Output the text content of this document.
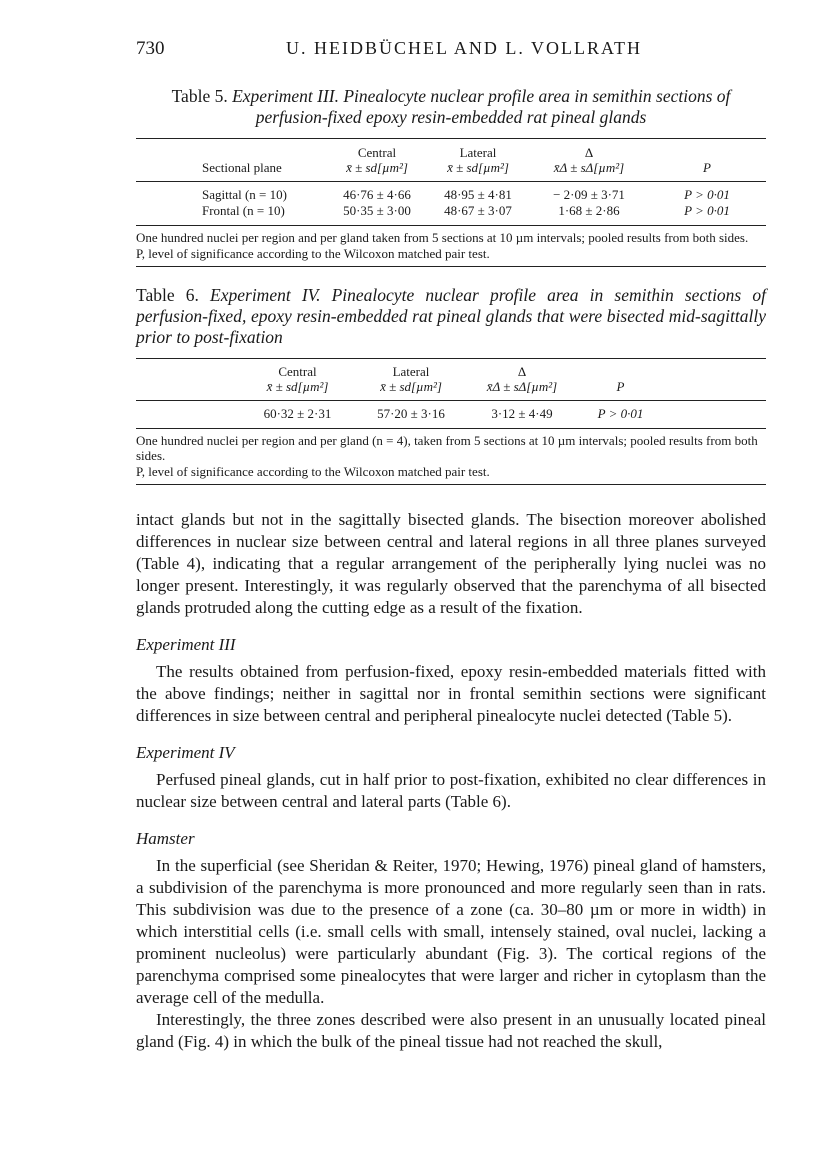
730	U. HEIDBÜCHEL AND L. VOLLRATH
Table 5. Experiment III. Pinealocyte nuclear profile area in semithin sections of perfusion-fixed epoxy resin-embedded rat pineal glands
	Central	Lateral	Δ	
Sectional plane	x̄ ± sd[µm²]	x̄ ± sd[µm²]	x̄Δ ± sΔ[µm²]	P
Sagittal (n = 10)	46·76 ± 4·66	48·95 ± 4·81	− 2·09 ± 3·71	P > 0·01
Frontal (n = 10)	50·35 ± 3·00	48·67 ± 3·07	1·68 ± 2·86	P > 0·01
One hundred nuclei per region and per gland taken from 5 sections at 10 µm intervals; pooled results from both sides.
P, level of significance according to the Wilcoxon matched pair test.
Table 6. Experiment IV. Pinealocyte nuclear profile area in semithin sections of perfusion-fixed, epoxy resin-embedded rat pineal glands that were bisected mid-sagittally prior to post-fixation
	Central	Lateral	Δ		
	x̄ ± sd[µm²]	x̄ ± sd[µm²]	x̄Δ ± sΔ[µm²]	P	
	60·32 ± 2·31	57·20 ± 3·16	3·12 ± 4·49	P > 0·01	
One hundred nuclei per region and per gland (n = 4), taken from 5 sections at 10 µm intervals; pooled results from both sides.
P, level of significance according to the Wilcoxon matched pair test.

intact glands but not in the sagittally bisected glands. The bisection moreover abolished differences in nuclear size between central and lateral regions in all three planes surveyed (Table 4), indicating that a regular arrangement of the peripherally lying nuclei was no longer present. Interestingly, it was regularly observed that the parenchyma of all bisected glands protruded along the cutting edge as a result of the fixation.

Experiment III

The results obtained from perfusion-fixed, epoxy resin-embedded materials fitted with the above findings; neither in sagittal nor in frontal semithin sections were significant differences in size between central and peripheral pinealocyte nuclei detected (Table 5).

Experiment IV

Perfused pineal glands, cut in half prior to post-fixation, exhibited no clear differences in nuclear size between central and lateral parts (Table 6).

Hamster

In the superficial (see Sheridan & Reiter, 1970; Hewing, 1976) pineal gland of hamsters, a subdivision of the parenchyma is more pronounced and more regularly seen than in rats. This subdivision was due to the presence of a zone (ca. 30–80 µm or more in width) in which interstitial cells (i.e. small cells with small, intensely stained, oval nuclei, lacking a prominent nucleolus) were particularly abundant (Fig. 3). The cortical regions of the parenchyma comprised some pinealocytes that were larger and richer in cytoplasm than the average cell of the medulla.

Interestingly, the three zones described were also present in an unusually located pineal gland (Fig. 4) in which the bulk of the pineal tissue had not reached the skull,
